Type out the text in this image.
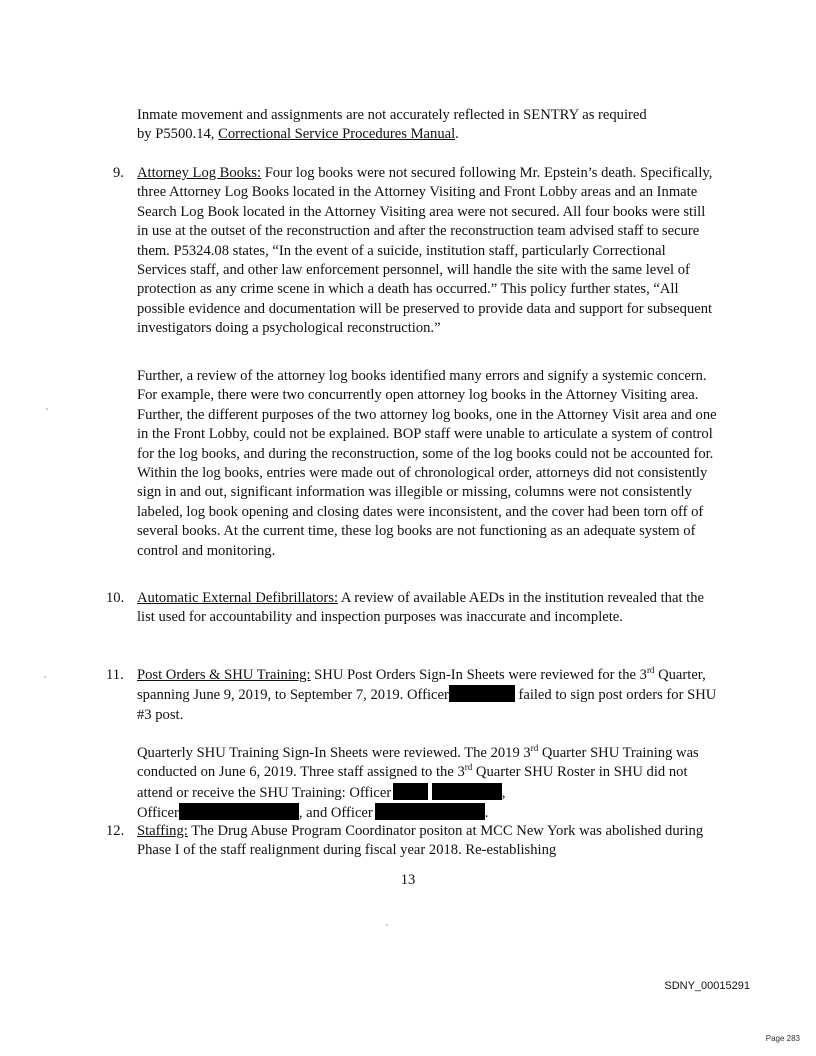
Inmate movement and assignments are not accurately reflected in SENTRY as required
by P5500.14, Correctional Service Procedures Manual.

9. Attorney Log Books: Four log books were not secured following Mr. Epstein’s death. Specifically, three Attorney Log Books located in the Attorney Visiting and Front Lobby areas and an Inmate Search Log Book located in the Attorney Visiting area were not secured. All four books were still in use at the outset of the reconstruction and after the reconstruction team advised staff to secure them. P5324.08 states, “In the event of a suicide, institution staff, particularly Correctional Services staff, and other law enforcement personnel, will handle the site with the same level of protection as any crime scene in which a death has occurred.” This policy further states, “All possible evidence and documentation will be preserved to provide data and support for subsequent investigators doing a psychological reconstruction.”
Further, a review of the attorney log books identified many errors and signify a systemic concern. For example, there were two concurrently open attorney log books in the Attorney Visiting area. Further, the different purposes of the two attorney log books, one in the Attorney Visit area and one in the Front Lobby, could not be explained. BOP staff were unable to articulate a system of control for the log books, and during the reconstruction, some of the log books could not be accounted for. Within the log books, entries were made out of chronological order, attorneys did not consistently sign in and out, significant information was illegible or missing, columns were not consistently labeled, log book opening and closing dates were inconsistent, and the cover had been torn off of several books. At the current time, these log books are not functioning as an adequate system of control and monitoring.
10. Automatic External Defibrillators: A review of available AEDs in the institution revealed that the list used for accountability and inspection purposes was inaccurate and incomplete.
11. Post Orders & SHU Training: SHU Post Orders Sign-In Sheets were reviewed for the 3rd Quarter, spanning June 9, 2019, to September 7, 2019. Officer	failed to sign post orders for SHU #3 post.
Quarterly SHU Training Sign-In Sheets were reviewed. The 2019 3rd Quarter SHU Training was conducted on June 6, 2019. Three staff assigned to the 3rd Quarter SHU Roster in SHU did not attend or receive the SHU Training: Officer	,
Officer	, and Officer	.
12. Staffing: The Drug Abuse Program Coordinator positon at MCC New York was abolished during Phase I of the staff realignment during fiscal year 2018. Re-establishing
13
SDNY_00015291
Page 283
